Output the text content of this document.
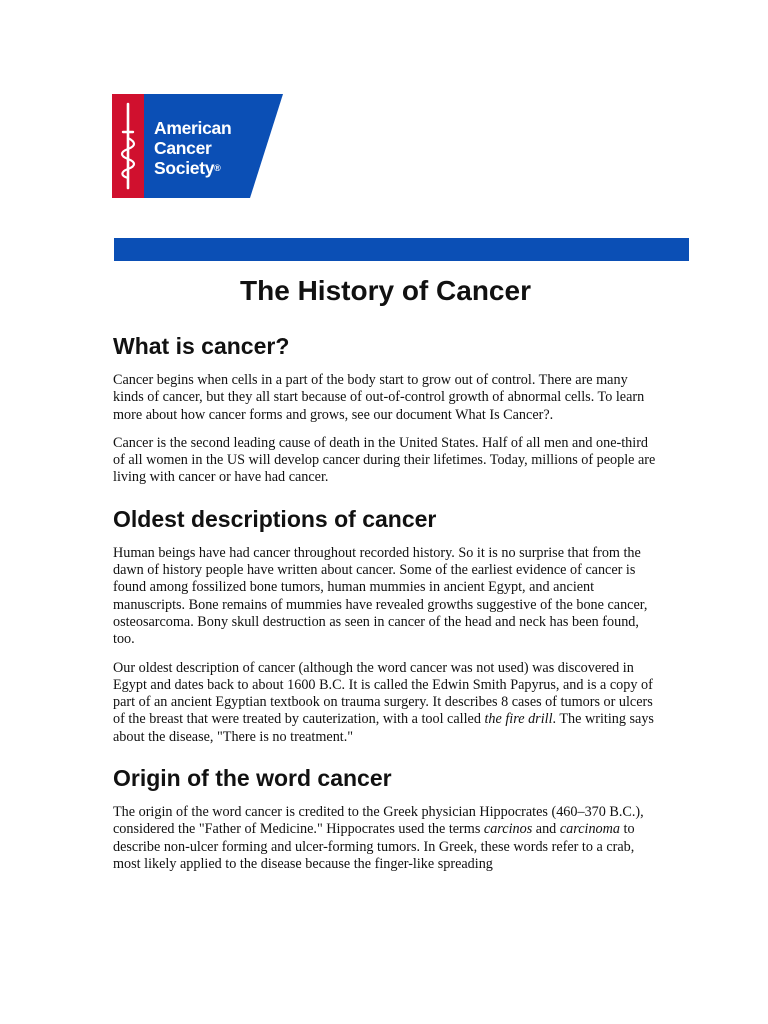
American
Cancer
Society®
The History of Cancer
What is cancer?

Cancer begins when cells in a part of the body start to grow out of control. There are many kinds of cancer, but they all start because of out-of-control growth of abnormal cells. To learn more about how cancer forms and grows, see our document What Is Cancer?.

Cancer is the second leading cause of death in the United States. Half of all men and one-third of all women in the US will develop cancer during their lifetimes. Today, millions of people are living with cancer or have had cancer.

Oldest descriptions of cancer

Human beings have had cancer throughout recorded history. So it is no surprise that from the dawn of history people have written about cancer. Some of the earliest evidence of cancer is found among fossilized bone tumors, human mummies in ancient Egypt, and ancient manuscripts. Bone remains of mummies have revealed growths suggestive of the bone cancer, osteosarcoma. Bony skull destruction as seen in cancer of the head and neck has been found, too.

Our oldest description of cancer (although the word cancer was not used) was discovered in Egypt and dates back to about 1600 B.C. It is called the Edwin Smith Papyrus, and is a copy of part of an ancient Egyptian textbook on trauma surgery. It describes 8 cases of tumors or ulcers of the breast that were treated by cauterization, with a tool called the fire drill. The writing says about the disease, "There is no treatment."

Origin of the word cancer

The origin of the word cancer is credited to the Greek physician Hippocrates (460–370 B.C.), considered the "Father of Medicine." Hippocrates used the terms carcinos and carcinoma to describe non-ulcer forming and ulcer-forming tumors. In Greek, these words refer to a crab, most likely applied to the disease because the finger-like spreading
